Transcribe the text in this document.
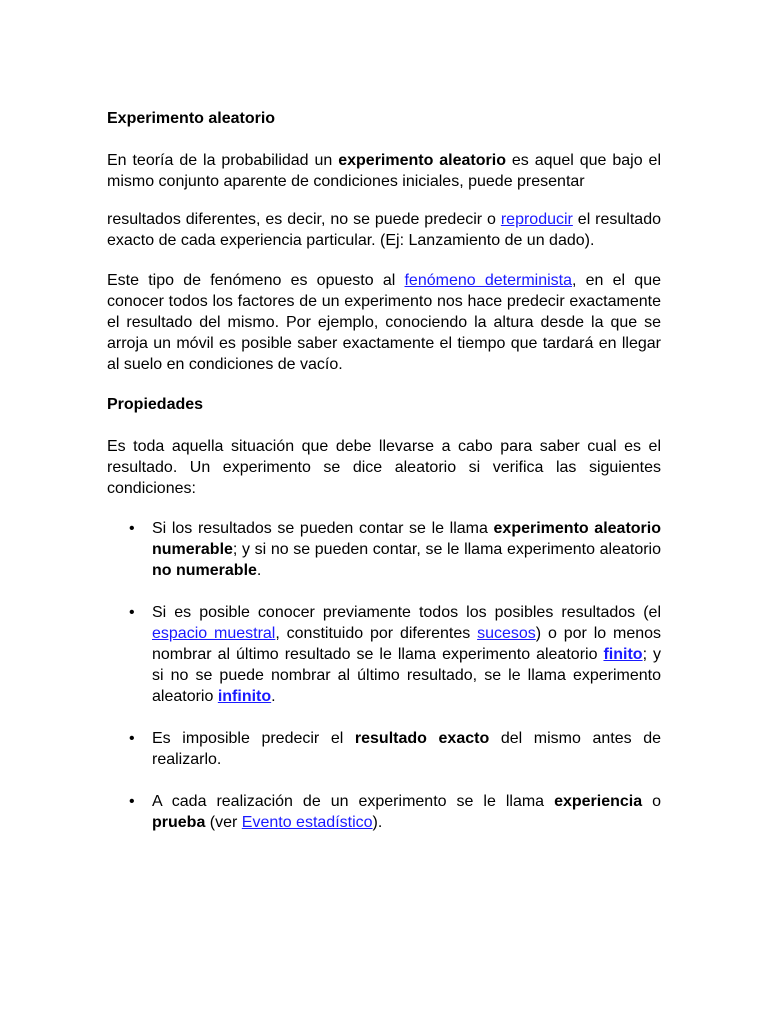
Experimento aleatorio

En teoría de la probabilidad un experimento aleatorio es aquel que bajo el mismo conjunto aparente de condiciones iniciales, puede presentar

resultados diferentes, es decir, no se puede predecir o reproducir el resultado exacto de cada experiencia particular. (Ej: Lanzamiento de un dado).

Este tipo de fenómeno es opuesto al fenómeno determinista, en el que conocer todos los factores de un experimento nos hace predecir exactamente el resultado del mismo. Por ejemplo, conociendo la altura desde la que se arroja un móvil es posible saber exactamente el tiempo que tardará en llegar al suelo en condiciones de vacío.

Propiedades

Es toda aquella situación que debe llevarse a cabo para saber cual es el resultado. Un experimento se dice aleatorio si verifica las siguientes condiciones:

• Si los resultados se pueden contar se le llama experimento aleatorio numerable; y si no se pueden contar, se le llama experimento aleatorio no numerable.
• Si es posible conocer previamente todos los posibles resultados (el espacio muestral, constituido por diferentes sucesos) o por lo menos nombrar al último resultado se le llama experimento aleatorio finito; y si no se puede nombrar al último resultado, se le llama experimento aleatorio infinito.
• Es imposible predecir el resultado exacto del mismo antes de realizarlo.
• A cada realización de un experimento se le llama experiencia o prueba (ver Evento estadístico).
